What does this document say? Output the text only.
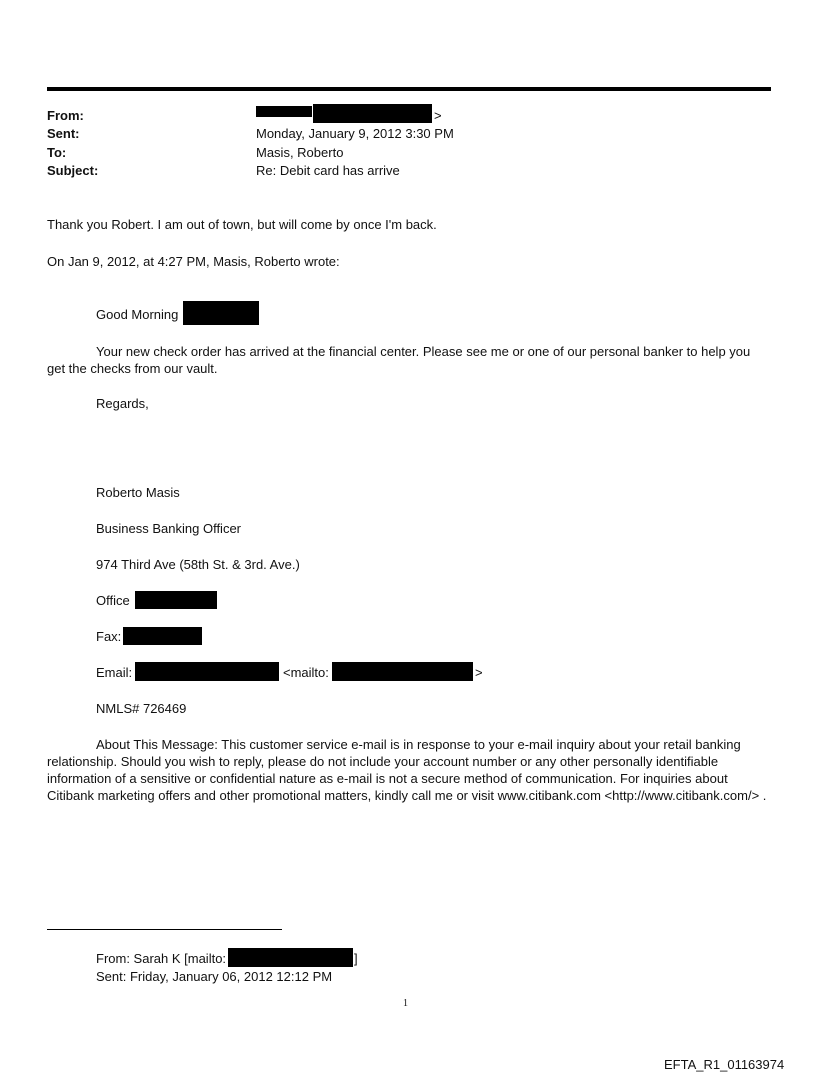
From:	>
Sent:	Monday, January 9, 2012 3:30 PM
To:	Masis, Roberto
Subject:	Re: Debit card has arrive
Thank you Robert. I am out of town, but will come by once I'm back.
On Jan 9, 2012, at 4:27 PM, Masis, Roberto wrote:
Good Morning
Your new check order has arrived at the financial center. Please see me or one of our personal banker to help you get the checks from our vault.
Regards,
Roberto Masis
Business Banking Officer
974 Third Ave (58th St. & 3rd. Ave.)
Office
Fax:
Email:	<mailto:	>
NMLS# 726469
About This Message: This customer service e-mail is in response to your e-mail inquiry about your retail banking relationship. Should you wish to reply, please do not include your account number or any other personally identifiable information of a sensitive or confidential nature as e-mail is not a secure method of communication. For inquiries about Citibank marketing offers and other promotional matters, kindly call me or visit www.citibank.com <http://www.citibank.com/> .
From: Sarah K [mailto:	]
Sent: Friday, January 06, 2012 12:12 PM
1
EFTA_R1_01163974
